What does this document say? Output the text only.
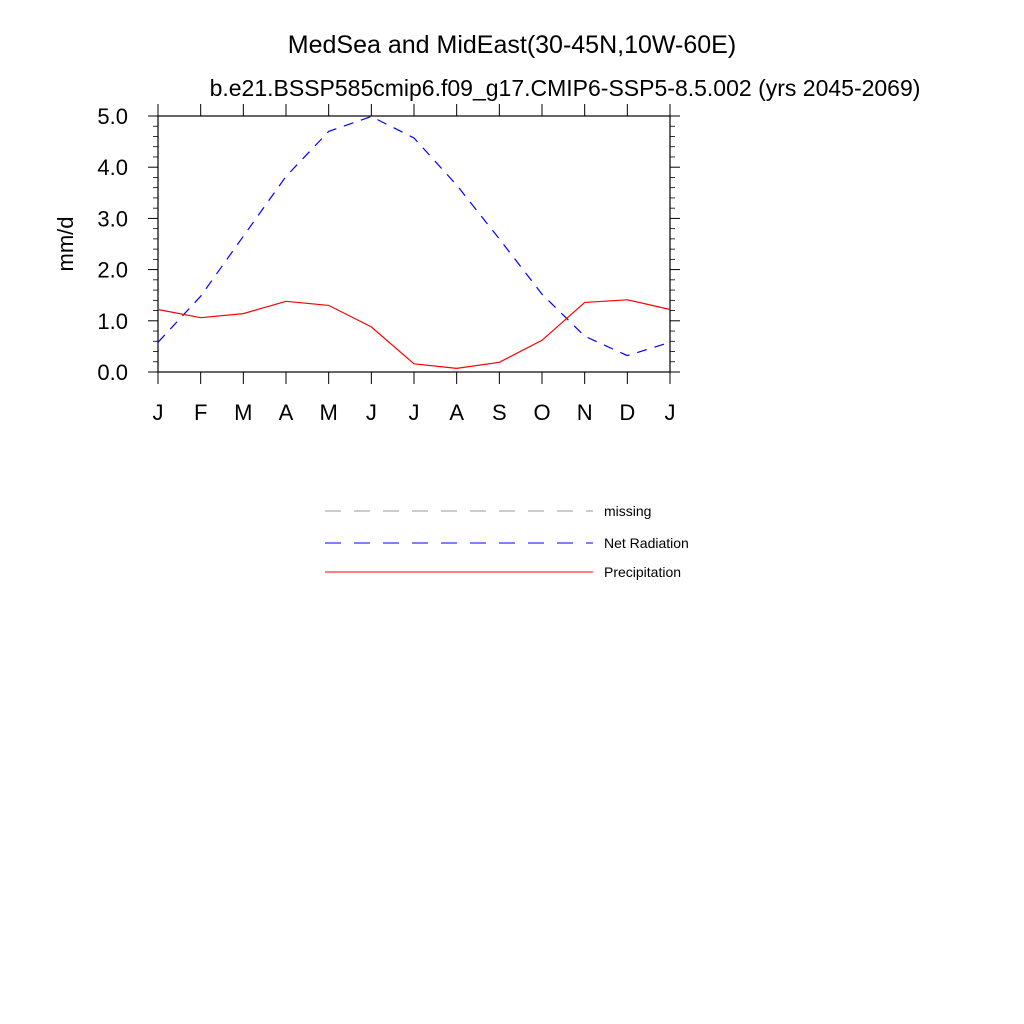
MedSea and MidEast(30-45N,10W-60E)
b.e21.BSSP585cmip6.f09_g17.CMIP6-SSP5-8.5.002 (yrs 2045-2069)
mm/d
0.0
1.0
2.0
3.0
4.0
5.0
J F M A M J J A S O N D J
missing
Net Radiation
Precipitation
